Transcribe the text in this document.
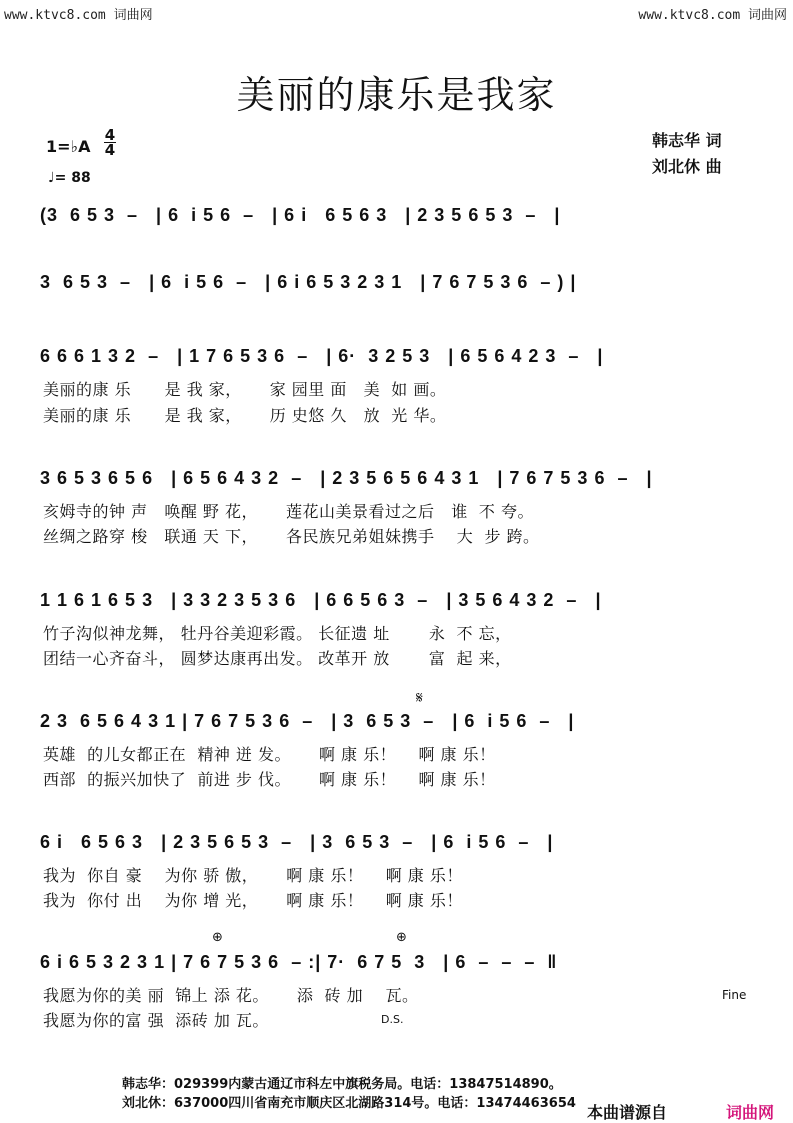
www.ktvc8.com 词曲网	www.ktvc8.com 词曲网
美丽的康乐是我家
1=♭A
4
4
♩= 88
韩志华 词
刘北休 曲
(3  6 5 3  –   | 6  i 5 6  –   | 6 i   6 5 6 3   | 2 3 5 6 5 3  –   |
3  6 5 3  –   | 6  i 5 6  –   | 6 i 6 5 3 2 3 1   | 7 6 7 5 3 6  – ) |
6 6 6 1 3 2  –   | 1 7 6 5 3 6  –   | 6·  3 2 5 3   | 6 5 6 4 2 3  –   |
美丽的康 乐      是 我 家，     家 园里 面   美  如 画。
美丽的康 乐      是 我 家，     历 史悠 久   放  光 华。
3 6 5 3 6 5 6   | 6 5 6 4 3 2  –   | 2 3 5 6 5 6 4 3 1   | 7 6 7 5 3 6  –   |
亥姆寺的钟 声   唤醒 野 花，     莲花山美景看过之后   谁  不 夸。
丝绸之路穿 梭   联通 天 下，     各民族兄弟姐妹携手    大  步 跨。
1 1 6 1 6 5 3   | 3 3 2 3 5 3 6   | 6 6 5 6 3  –   | 3 5 6 4 3 2  –   |
竹子沟似神龙舞， 牡丹谷美迎彩霞。 长征遗 址       永  不 忘，
团结一心齐奋斗， 圆梦达康再出发。 改革开 放       富  起 来，
𝄋
2 3  6 5 6 4 3 1 | 7 6 7 5 3 6  –   | 3  6 5 3  –   | 6  i 5 6  –   |
英雄  的儿女都正在  精神 迸 发。     啊 康 乐！    啊 康 乐！
西部  的振兴加快了  前进 步 伐。     啊 康 乐！    啊 康 乐！
6 i   6 5 6 3   | 2 3 5 6 5 3  –   | 3  6 5 3  –   | 6  i 5 6  –   |
我为  你自 豪    为你 骄 傲，     啊 康 乐！    啊 康 乐！
我为  你付 出    为你 增 光，     啊 康 乐！    啊 康 乐！
⊕	⊕
6 i 6 5 3 2 3 1 | 7 6 7 5 3 6  – :| 7·  6 7 5  3   | 6  –  –  –  ‖
我愿为你的美 丽  锦上 添 花。     添  砖 加    瓦。
我愿为你的富 强  添砖 加 瓦。	D.S.
Fine
韩志华：029399内蒙古通辽市科左中旗税务局。电话：13847514890。
刘北休：637000四川省南充市顺庆区北湖路314号。电话：13474463654 本曲谱源自	词曲网
